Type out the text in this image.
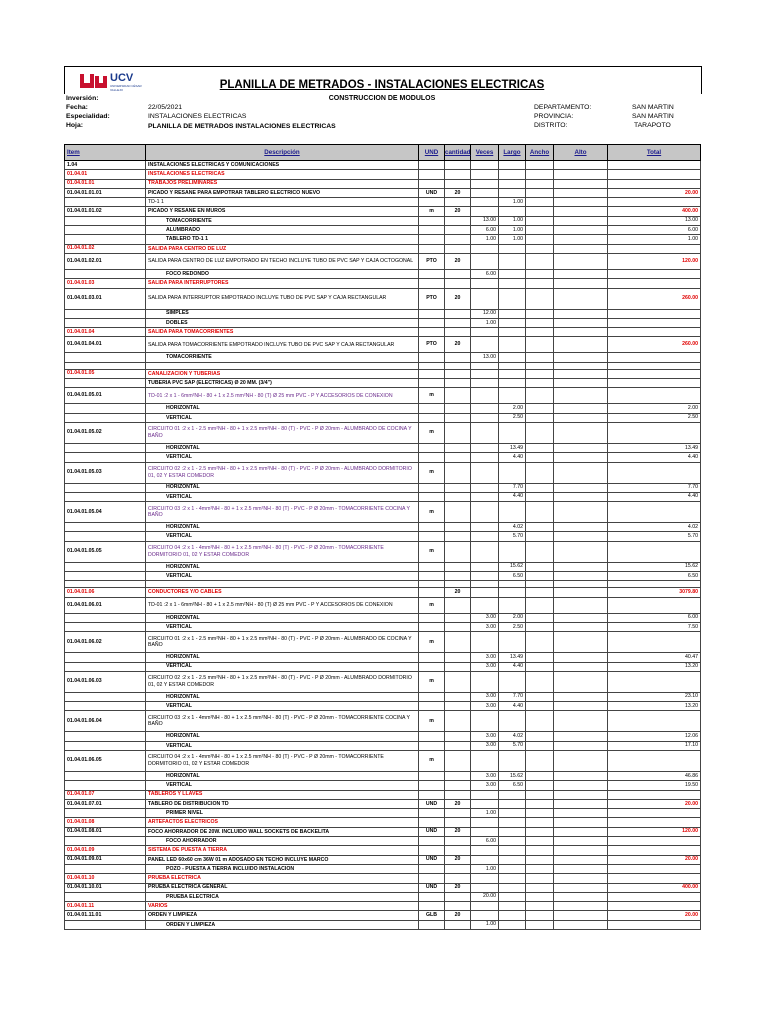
UCV
UNIVERSIDAD CÉSAR VALLEJO	PLANILLA DE METRADOS - INSTALACIONES ELECTRICAS
CONSTRUCCION DE MODULOS
Inversión:
Fecha:
Especialidad:
Hoja:
22/05/2021
INSTALACIONES ELECTRICAS
PLANILLA DE METRADOS INSTALACIONES ELECTRICAS
DEPARTAMENTO:
PROVINCIA:
DISTRITO:
SAN MARTIN
SAN MARTIN
TARAPOTO
Item	Descripción	UND	cantidad	Veces	Largo	Ancho	Alto	Total
1.04	INSTALACIONES ELECTRICAS Y COMUNICACIONES							
01.04.01	INSTALACIONES ELECTRICAS							
01.04.01.01	TRABAJOS PRELIMINARES							
01.04.01.01.01	PICADO Y RESANE PARA EMPOTRAR TABLERO ELECTRICO NUEVO	UND	20					20.00
	TD-1 1				1.00			
01.04.01.01.02	PICADO Y RESANE EN MUROS	m	20					400.00
	TOMACORRIENTE			13.00	1.00			13.00
	ALUMBRADO			6.00	1.00			6.00
	TABLERO TD-1 1			1.00	1.00			1.00
01.04.01.02	SALIDA PARA CENTRO DE LUZ							
01.04.01.02.01	SALIDA PARA CENTRO DE LUZ EMPOTRADO EN TECHO INCLUYE TUBO DE PVC SAP Y CAJA OCTOGONAL	PTO	20					120.00
	FOCO REDONDO			6.00				
01.04.01.03	SALIDA PARA INTERRUPTORES							
01.04.01.03.01	SALIDA PARA INTERRUPTOR EMPOTRADO INCLUYE TUBO DE PVC SAP Y CAJA RECTANGULAR	PTO	20					260.00
	SIMPLES			12.00				
	DOBLES			1.00				
01.04.01.04	SALIDA PARA TOMACORRIENTES							
01.04.01.04.01	SALIDA PARA TOMACORRIENTE EMPOTRADO INCLUYE TUBO DE PVC SAP Y CAJA RECTANGULAR	PTO	20					260.00
	TOMACORRIENTE			13.00				

01.04.01.05	CANALIZACION Y TUBERIAS							
	TUBERIA PVC SAP (ELECTRICAS) Ø 20 MM. (3/4")							
01.04.01.05.01	TD-01 :2 x 1 - 6mm²NH - 80 + 1 x 2.5 mm²NH - 80 (T) Ø 25 mm PVC - P Y ACCESORIOS DE CONEXION	m						
	HORIZONTAL				2.00			2.00
	VERTICAL				2.50			2.50
01.04.01.05.02	CIRCUITO 01 :2 x 1 - 2.5 mm²NH - 80 + 1 x 2.5 mm²NH - 80 (T) - PVC - P Ø 20mm - ALUMBRADO DE COCINA Y BAÑO	m						
	HORIZONTAL				13.49			13.49
	VERTICAL				4.40			4.40
01.04.01.05.03	CIRCUITO 02 :2 x 1 - 2.5 mm²NH - 80 + 1 x 2.5 mm²NH - 80 (T) - PVC - P Ø 20mm - ALUMBRADO DORMITORIO 01, 02 Y ESTAR COMEDOR	m						
	HORIZONTAL				7.70			7.70
	VERTICAL				4.40			4.40
01.04.01.05.04	CIRCUITO 03 :2 x 1 - 4mm²NH - 80 + 1 x 2.5 mm²NH - 80 (T) - PVC - P Ø 20mm - TOMACORRIENTE COCINA Y BAÑO	m						
	HORIZONTAL				4.02			4.02
	VERTICAL				5.70			5.70
01.04.01.05.05	CIRCUITO 04 :2 x 1 - 4mm²NH - 80 + 1 x 2.5 mm²NH - 80 (T) - PVC - P Ø 20mm - TOMACORRIENTE DORMITORIO 01, 02 Y ESTAR COMEDOR	m						
	HORIZONTAL				15.62			15.62
	VERTICAL				6.50			6.50

01.04.01.06	CONDUCTORES Y/O CABLES		20					3079.80
01.04.01.06.01	TD-01 :2 x 1 - 6mm²NH - 80 + 1 x 2.5 mm²NH - 80 (T) Ø 25 mm PVC - P Y ACCESORIOS DE CONEXION	m						
	HORIZONTAL			3.00	2.00			6.00
	VERTICAL			3.00	2.50			7.50
01.04.01.06.02	CIRCUITO 01 :2 x 1 - 2.5 mm²NH - 80 + 1 x 2.5 mm²NH - 80 (T) - PVC - P Ø 20mm - ALUMBRADO DE COCINA Y BAÑO	m						
	HORIZONTAL			3.00	13.49			40.47
	VERTICAL			3.00	4.40			13.20
01.04.01.06.03	CIRCUITO 02 :2 x 1 - 2.5 mm²NH - 80 + 1 x 2.5 mm²NH - 80 (T) - PVC - P Ø 20mm - ALUMBRADO DORMITORIO 01, 02 Y ESTAR COMEDOR	m						
	HORIZONTAL			3.00	7.70			23.10
	VERTICAL			3.00	4.40			13.20
01.04.01.06.04	CIRCUITO 03 :2 x 1 - 4mm²NH - 80 + 1 x 2.5 mm²NH - 80 (T) - PVC - P Ø 20mm - TOMACORRIENTE COCINA Y BAÑO	m						
	HORIZONTAL			3.00	4.02			12.06
	VERTICAL			3.00	5.70			17.10
01.04.01.06.05	CIRCUITO 04 :2 x 1 - 4mm²NH - 80 + 1 x 2.5 mm²NH - 80 (T) - PVC - P Ø 20mm - TOMACORRIENTE DORMITORIO 01, 02 Y ESTAR COMEDOR	m						
	HORIZONTAL			3.00	15.62			46.86
	VERTICAL			3.00	6.50			19.50
01.04.01.07	TABLEROS Y LLAVES							
01.04.01.07.01	TABLERO DE DISTRIBUCION TD	UND	20					20.00
	PRIMER NIVEL			1.00				
01.04.01.08	ARTEFACTOS ELECTRICOS							
01.04.01.08.01	FOCO AHORRADOR DE 20W. INCLUIDO WALL SOCKETS DE BACKELITA	UND	20					120.00
	FOCO AHORRADOR			6.00				
01.04.01.09	SISTEMA DE PUESTA A TIERRA							
01.04.01.09.01	PANEL LED 60x60 cm 36W 01 m ADOSADO EN TECHO INCLUYE MARCO	UND	20					20.00
	POZO - PUESTA A TIERRA INCLUIDO INSTALACION			1.00				
01.04.01.10	PRUEBA ELECTRICA							
01.04.01.10.01	PRUEBA ELECTRICA GENERAL	UND	20					400.00
	PRUEBA ELECTRICA			20.00				
01.04.01.11	VARIOS							
01.04.01.11.01	ORDEN Y LIMPIEZA	GLB	20					20.00
	ORDEN Y LIMPIEZA			1.00				
